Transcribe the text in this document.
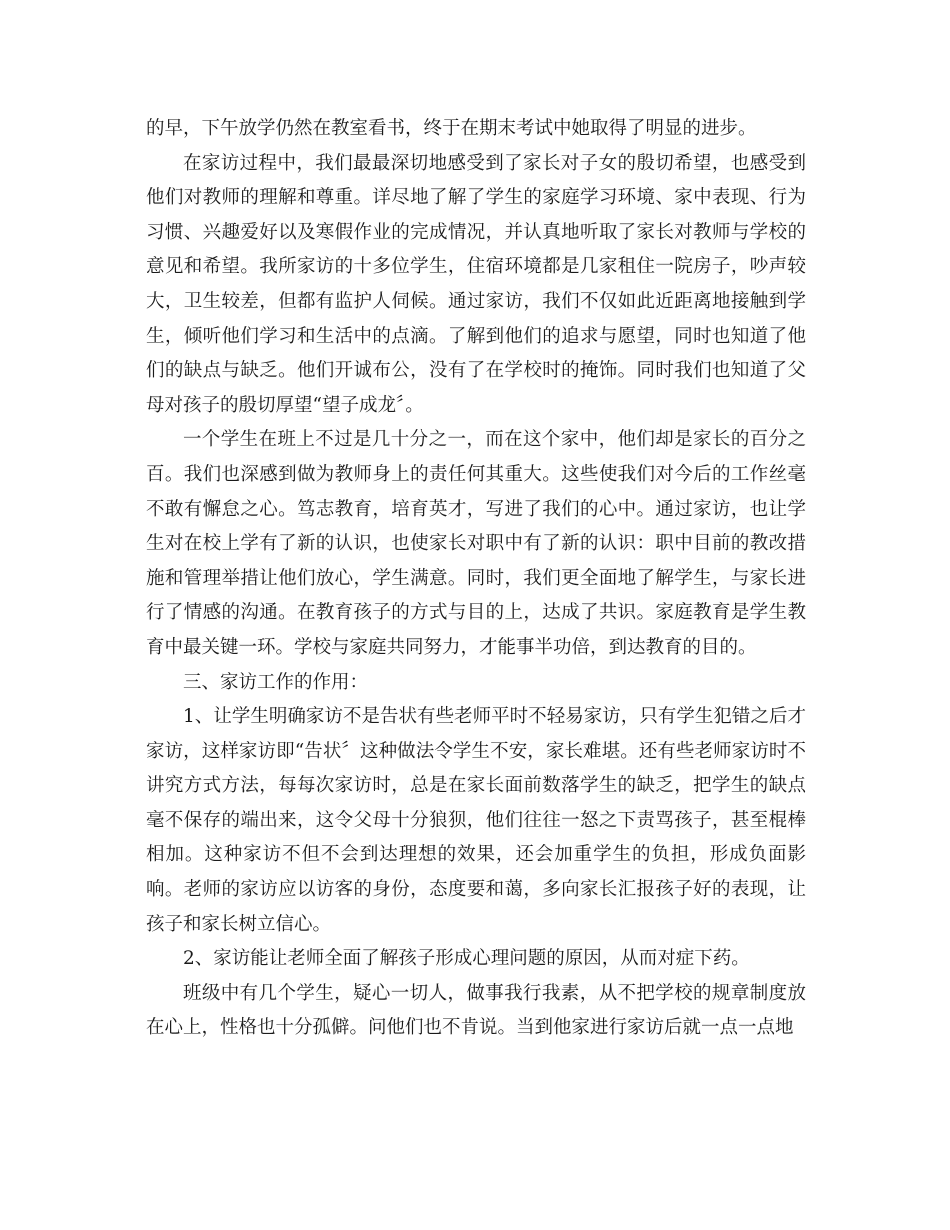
的早，下午放学仍然在教室看书，终于在期末考试中她取得了明显的进步。

在家访过程中，我们最最深切地感受到了家长对子女的殷切希望，也感受到他们对教师的理解和尊重。详尽地了解了学生的家庭学习环境、家中表现、行为习惯、兴趣爱好以及寒假作业的完成情况，并认真地听取了家长对教师与学校的意见和希望。我所家访的十多位学生，住宿环境都是几家租住一院房子，吵声较大，卫生较差，但都有监护人伺候。通过家访，我们不仅如此近距离地接触到学生，倾听他们学习和生活中的点滴。了解到他们的追求与愿望，同时也知道了他们的缺点与缺乏。他们开诚布公，没有了在学校时的掩饰。同时我们也知道了父母对孩子的殷切厚望“望子成龙〞。

一个学生在班上不过是几十分之一，而在这个家中，他们却是家长的百分之百。我们也深感到做为教师身上的责任何其重大。这些使我们对今后的工作丝毫不敢有懈怠之心。笃志教育，培育英才，写进了我们的心中。通过家访，也让学生对在校上学有了新的认识，也使家长对职中有了新的认识：职中目前的教改措施和管理举措让他们放心，学生满意。同时，我们更全面地了解学生，与家长进行了情感的沟通。在教育孩子的方式与目的上，达成了共识。家庭教育是学生教育中最关键一环。学校与家庭共同努力，才能事半功倍，到达教育的目的。

三、家访工作的作用：

1、让学生明确家访不是告状有些老师平时不轻易家访，只有学生犯错之后才家访，这样家访即“告状〞这种做法令学生不安，家长难堪。还有些老师家访时不讲究方式方法，每每次家访时，总是在家长面前数落学生的缺乏，把学生的缺点毫不保存的端出来，这令父母十分狼狈，他们往往一怒之下责骂孩子，甚至棍棒相加。这种家访不但不会到达理想的效果，还会加重学生的负担，形成负面影响。老师的家访应以访客的身份，态度要和蔼，多向家长汇报孩子好的表现，让孩子和家长树立信心。

2、家访能让老师全面了解孩子形成心理问题的原因，从而对症下药。

班级中有几个学生，疑心一切人，做事我行我素，从不把学校的规章制度放在心上，性格也十分孤僻。问他们也不肯说。当到他家进行家访后就一点一点地
